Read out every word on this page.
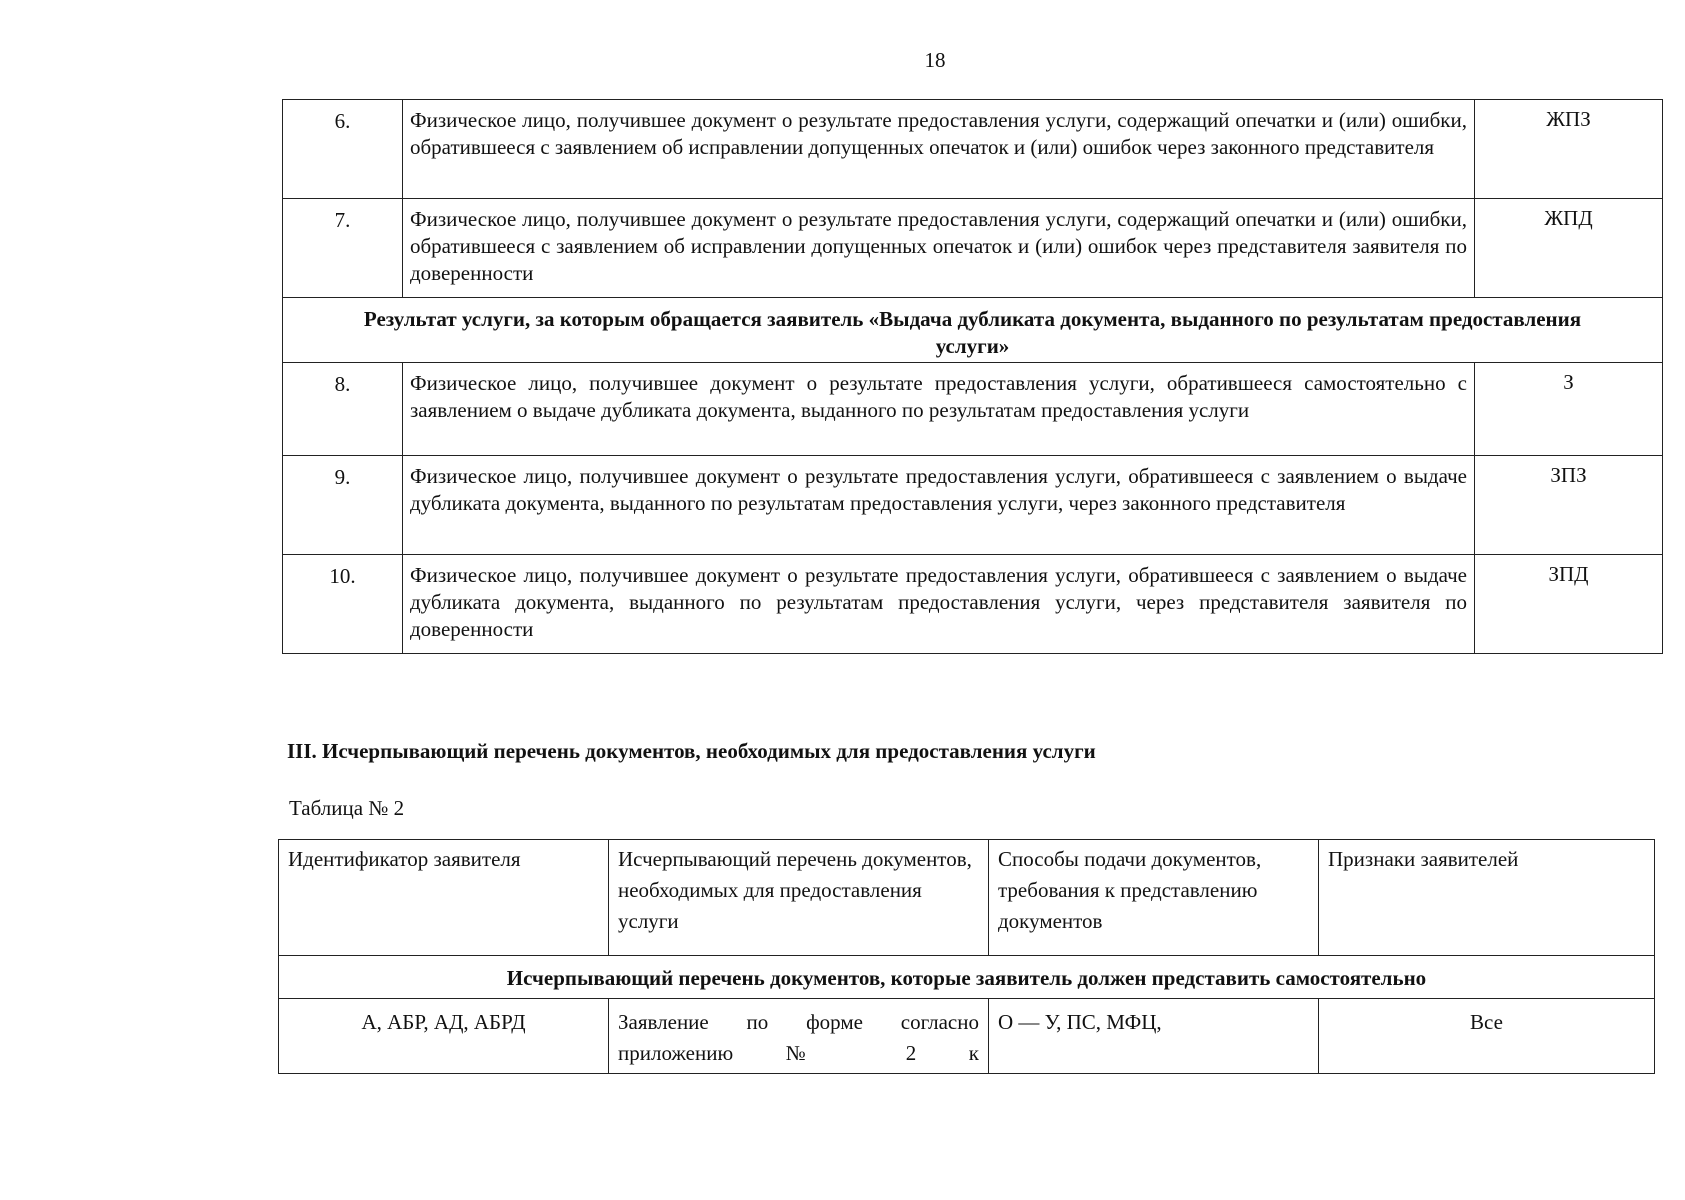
18
6.	Физическое лицо, получившее документ о результате предоставления услуги, содержащий опечатки и (или) ошибки, обратившееся с заявлением об исправлении допущенных опечаток и (или) ошибок через законного представителя	ЖПЗ
7.	Физическое лицо, получившее документ о результате предоставления услуги, содержащий опечатки и (или) ошибки, обратившееся с заявлением об исправлении допущенных опечаток и (или) ошибок через представителя заявителя по доверенности	ЖПД
Результат услуги, за которым обращается заявитель «Выдача дубликата документа, выданного по результатам предоставления услуги»		
8.	Физическое лицо, получившее документ о результате предоставления услуги, обратившееся самостоятельно с заявлением о выдаче дубликата документа, выданного по результатам предоставления услуги	З
9.	Физическое лицо, получившее документ о результате предоставления услуги, обратившееся с заявлением о выдаче дубликата документа, выданного по результатам предоставления услуги, через законного представителя	ЗПЗ
10.	Физическое лицо, получившее документ о результате предоставления услуги, обратившееся с заявлением о выдаче дубликата документа, выданного по результатам предоставления услуги, через представителя заявителя по доверенности	ЗПД
III. Исчерпывающий перечень документов, необходимых для предоставления услуги
Таблица № 2
Идентификатор заявителя	Исчерпывающий перечень документов, необходимых для предоставления услуги	Способы подачи документов, требования к представлению документов	Признаки заявителей
Исчерпывающий перечень документов, которые заявитель должен представить самостоятельно			
А, АБР, АД, АБРД	Заявление по форме согласно приложению № 2 к	О — У, ПС, МФЦ,	Все
